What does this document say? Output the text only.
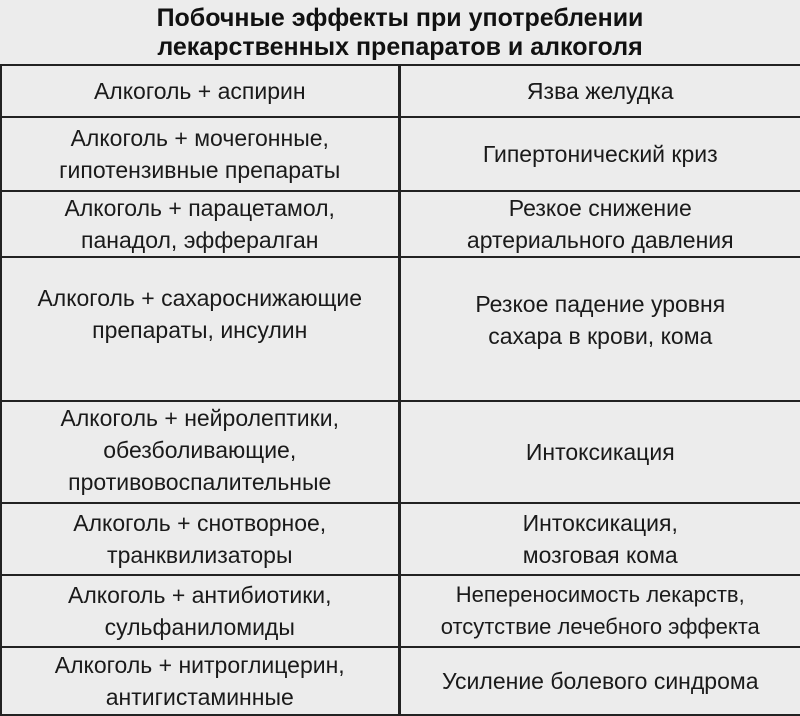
Побочные эффекты при употреблении
лекарственных препаратов и алкоголя
Алкоголь + аспирин	Язва желудка
Алкоголь + мочегонные,
гипотензивные препараты	Гипертонический криз
Алкоголь + парацетамол,
панадол, эффералган	Резкое снижение
артериального давления
Алкоголь + сахароснижающие
препараты, инсулин	Резкое падение уровня
сахара в крови, кома
Алкоголь + нейролептики,
обезболивающие,
противовоспалительные	Интоксикация
Алкоголь + снотворное,
транквилизаторы	Интоксикация,
мозговая кома
Алкоголь + антибиотики,
сульфаниломиды	Непереносимость лекарств,
отсутствие лечебного эффекта
Алкоголь + нитроглицерин,
антигистаминные	Усиление болевого синдрома
